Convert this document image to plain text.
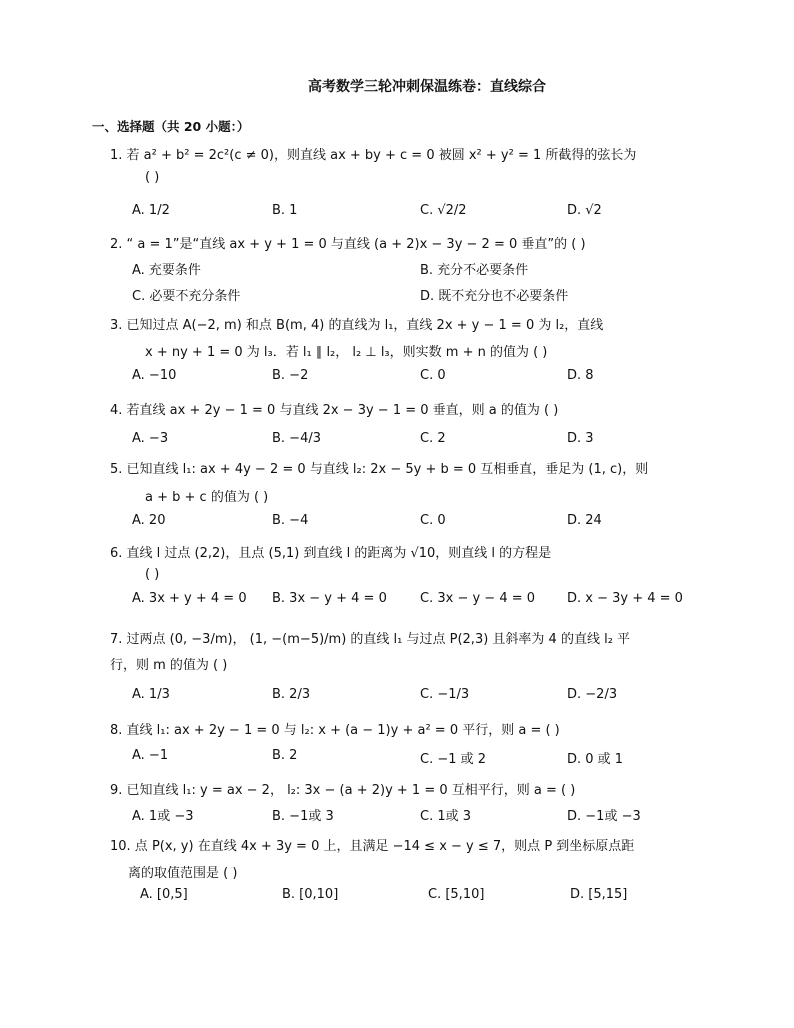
高考数学三轮冲刺保温练卷：直线综合
一、选择题（共 20 小题：）
1. 若 a² + b² = 2c²(c ≠ 0)，则直线 ax + by + c = 0 被圆 x² + y² = 1 所截得的弦长为
( )
A. 1/2	B. 1	C. √2/2	D. √2
2. “ a = 1”是“直线 ax + y + 1 = 0 与直线 (a + 2)x − 3y − 2 = 0 垂直”的 ( )
A. 充要条件	B. 充分不必要条件
C. 必要不充分条件	D. 既不充分也不必要条件
3. 已知过点 A(−2, m) 和点 B(m, 4) 的直线为 l₁，直线 2x + y − 1 = 0 为 l₂，直线
x + ny + 1 = 0 为 l₃．若 l₁ ∥ l₂， l₂ ⊥ l₃，则实数 m + n 的值为 ( )
A. −10	B. −2	C. 0	D. 8
4. 若直线 ax + 2y − 1 = 0 与直线 2x − 3y − 1 = 0 垂直，则 a 的值为 ( )
A. −3	B. −4/3	C. 2	D. 3
5. 已知直线 l₁: ax + 4y − 2 = 0 与直线 l₂: 2x − 5y + b = 0 互相垂直，垂足为 (1, c)，则
a + b + c 的值为 ( )
A. 20	B. −4	C. 0	D. 24
6. 直线 l 过点 (2,2)，且点 (5,1) 到直线 l 的距离为 √10，则直线 l 的方程是
( )
A. 3x + y + 4 = 0 B. 3x − y + 4 = 0	C. 3x − y − 4 = 0 D. x − 3y + 4 = 0
7. 过两点 (0, −3/m)， (1, −(m−5)/m) 的直线 l₁ 与过点 P(2,3) 且斜率为 4 的直线 l₂ 平
行，则 m 的值为 ( )
A. 1/3	B. 2/3	C. −1/3	D. −2/3
8. 直线 l₁: ax + 2y − 1 = 0 与 l₂: x + (a − 1)y + a² = 0 平行，则 a = ( )
A. −1	B. 2	C. −1 或 2	D. 0 或 1
9. 已知直线 l₁: y = ax − 2， l₂: 3x − (a + 2)y + 1 = 0 互相平行，则 a = ( )
A. 1或 −3	B. −1或 3	C. 1或 3	D. −1或 −3
10. 点 P(x, y) 在直线 4x + 3y = 0 上，且满足 −14 ≤ x − y ≤ 7，则点 P 到坐标原点距
离的取值范围是 ( )
A. [0,5]	B. [0,10]	C. [5,10]	D. [5,15]
